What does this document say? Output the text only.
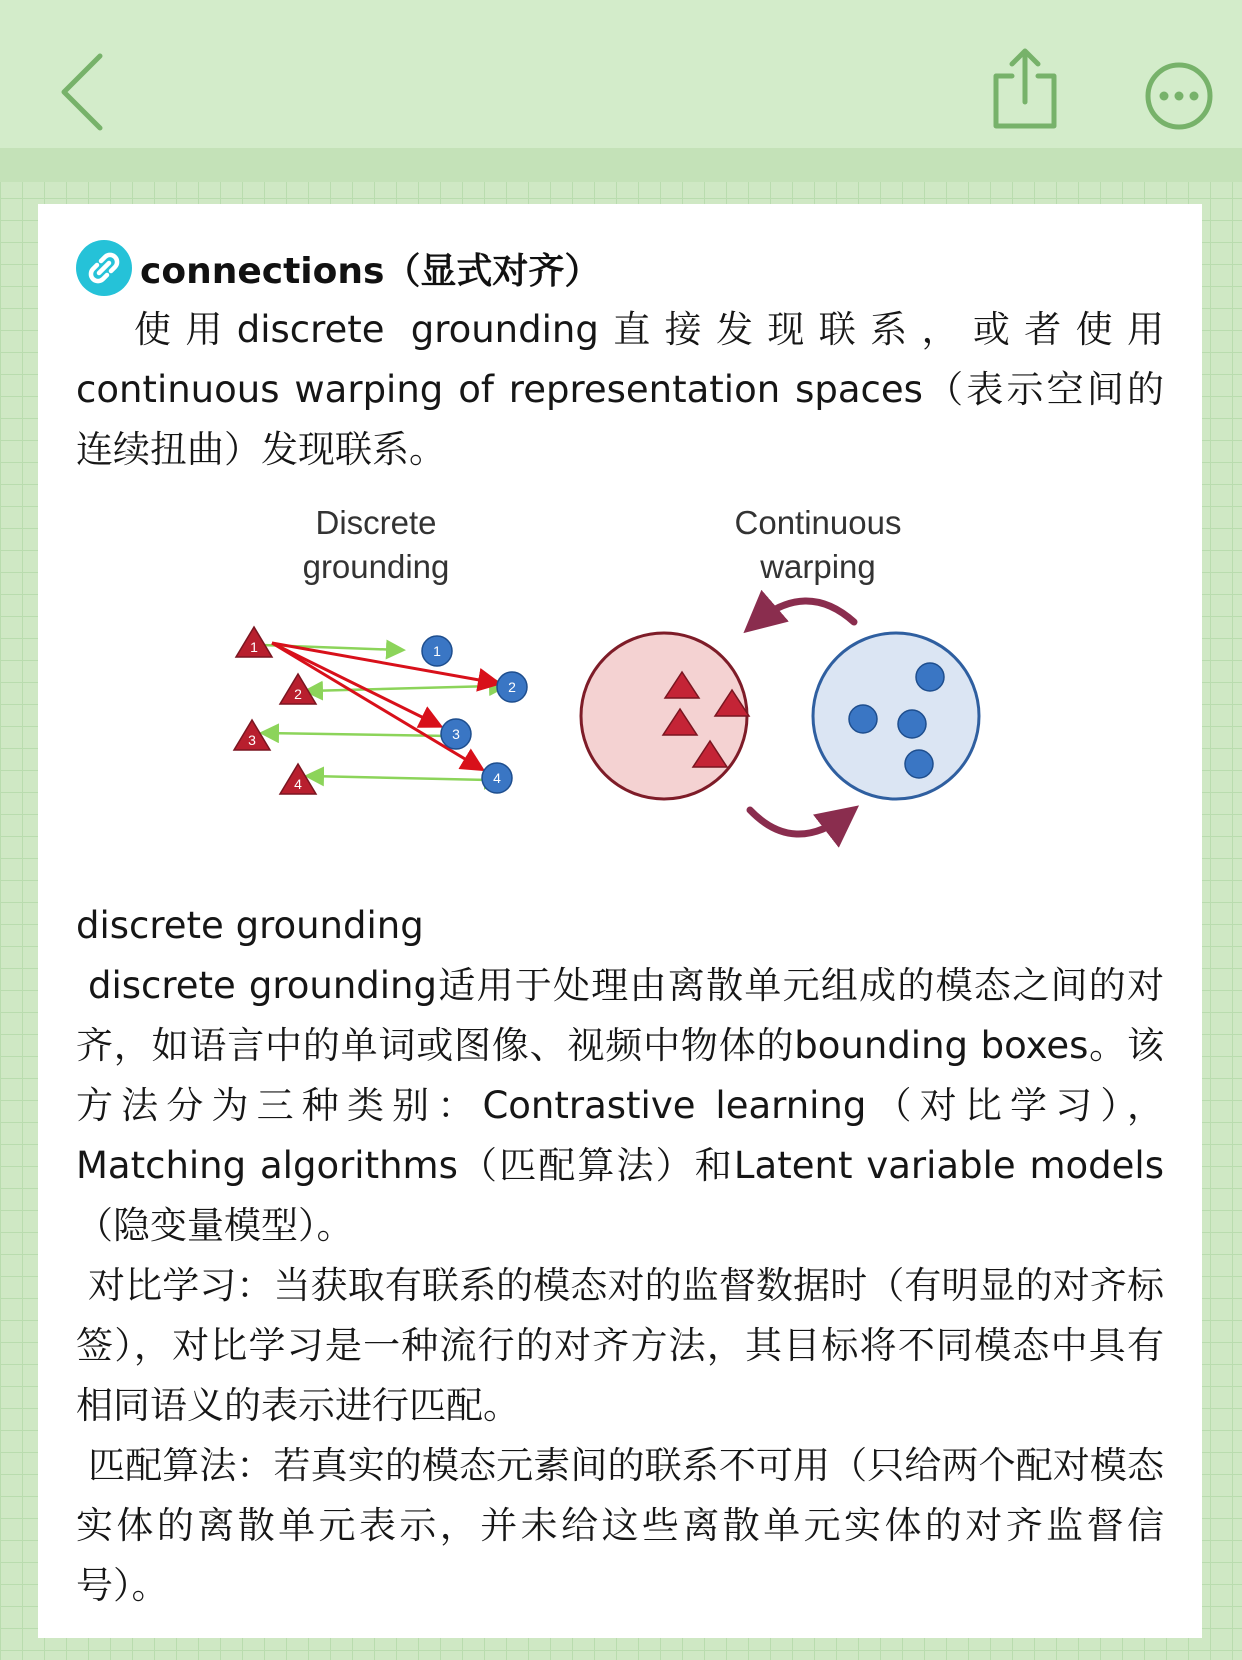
connections（显式对齐）

使用discrete grounding直接发现联系，或者使用continuous warping of representation spaces（表示空间的连续扭曲）发现联系。

Discrete
grounding
Continuous
warping
1
2
3
4
1
2
3
4

discrete grounding

discrete grounding适用于处理由离散单元组成的模态之间的对齐，如语言中的单词或图像、视频中物体的bounding boxes。该方法分为三种类别：Contrastive learning（对比学习），Matching algorithms（匹配算法）和Latent variable models（隐变量模型）。

对比学习：当获取有联系的模态对的监督数据时（有明显的对齐标签），对比学习是一种流行的对齐方法，其目标将不同模态中具有相同语义的表示进行匹配。

匹配算法：若真实的模态元素间的联系不可用（只给两个配对模态实体的离散单元表示，并未给这些离散单元实体的对齐监督信号）。
